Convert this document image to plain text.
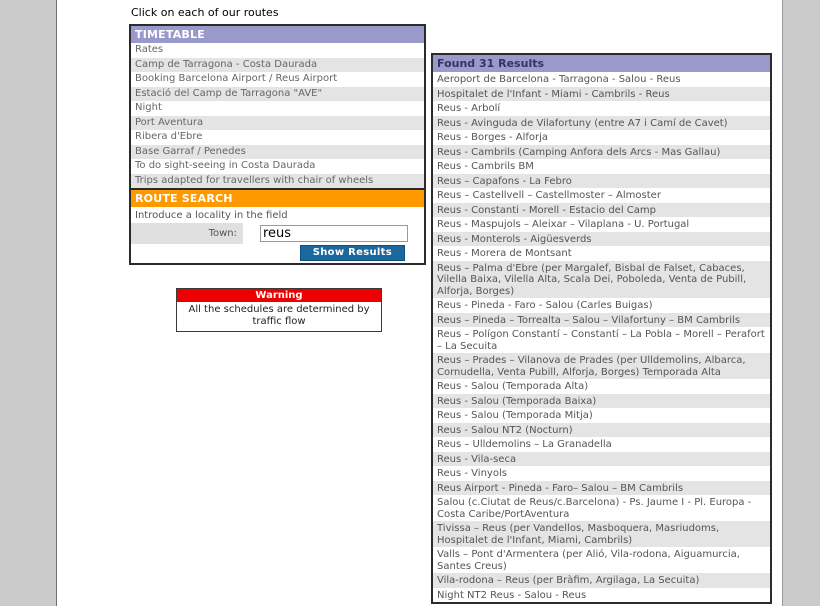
Click on each of our routes
TIMETABLE
Rates
Camp de Tarragona - Costa Daurada
Booking Barcelona Airport / Reus Airport
Estació del Camp de Tarragona "AVE"
Night
Port Aventura
Ribera d'Ebre
Base Garraf / Penedes
To do sight-seeing in Costa Daurada
Trips adapted for travellers with chair of wheels
ROUTE SEARCH
Introduce a locality in the field
Town:
reus
Show Results
Warning
All the schedules are determined by traffic flow
Found 31 Results
Aeroport de Barcelona - Tarragona - Salou - Reus
Hospitalet de l'Infant - Miami - Cambrils - Reus
Reus - Arbolí
Reus - Avinguda de Vilafortuny (entre A7 i Camí de Cavet)
Reus - Borges - Alforja
Reus - Cambrils (Camping Anfora dels Arcs - Mas Gallau)
Reus - Cambrils BM
Reus – Capafons - La Febro
Reus – Castellvell – Castellmoster – Almoster
Reus - Constanti - Morell - Estacio del Camp
Reus - Maspujols – Aleixar – Vilaplana - U. Portugal
Reus - Monterols - Aigüesverds
Reus - Morera de Montsant
Reus – Palma d'Ebre (per Margalef, Bisbal de Falset, Cabaces, Vilella Baixa, Vilella Alta, Scala Dei, Poboleda, Venta de Pubill, Alforja, Borges)
Reus - Pineda - Faro - Salou (Carles Buigas)
Reus – Pineda – Torrealta – Salou – Vilafortuny – BM Cambrils
Reus – Polígon Constantí – Constantí – La Pobla – Morell – Perafort – La Secuita
Reus – Prades – Vilanova de Prades (per Ulldemolins, Albarca, Cornudella, Venta Pubill, Alforja, Borges) Temporada Alta
Reus - Salou (Temporada Alta)
Reus - Salou (Temporada Baixa)
Reus - Salou (Temporada Mitja)
Reus - Salou NT2 (Nocturn)
Reus – Ulldemolins – La Granadella
Reus - Vila-seca
Reus - Vinyols
Reus Airport - Pineda - Faro– Salou – BM Cambrils
Salou (c.Ciutat de Reus/c.Barcelona) - Ps. Jaume I - Pl. Europa - Costa Caribe/PortAventura
Tivissa – Reus (per Vandellos, Masboquera, Masriudoms, Hospitalet de l'Infant, Miami, Cambrils)
Valls – Pont d'Armentera (per Alió, Vila-rodona, Aiguamurcia, Santes Creus)
Vila-rodona – Reus (per Bràfim, Argilaga, La Secuita)
Night NT2 Reus - Salou - Reus
